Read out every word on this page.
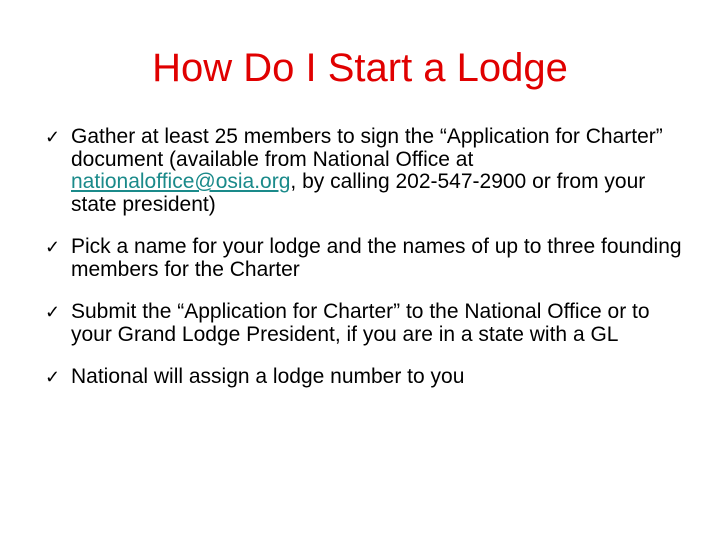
How Do I Start a Lodge
✓ Gather at least 25 members to sign the “Application for Charter” document (available from National Office at nationaloffice@osia.org, by calling 202-547-2900 or from your state president)
✓ Pick a name for your lodge and the names of up to three founding members for the Charter
✓ Submit the “Application for Charter” to the National Office or to your Grand Lodge President, if you are in a state with a GL
✓ National will assign a lodge number to you
